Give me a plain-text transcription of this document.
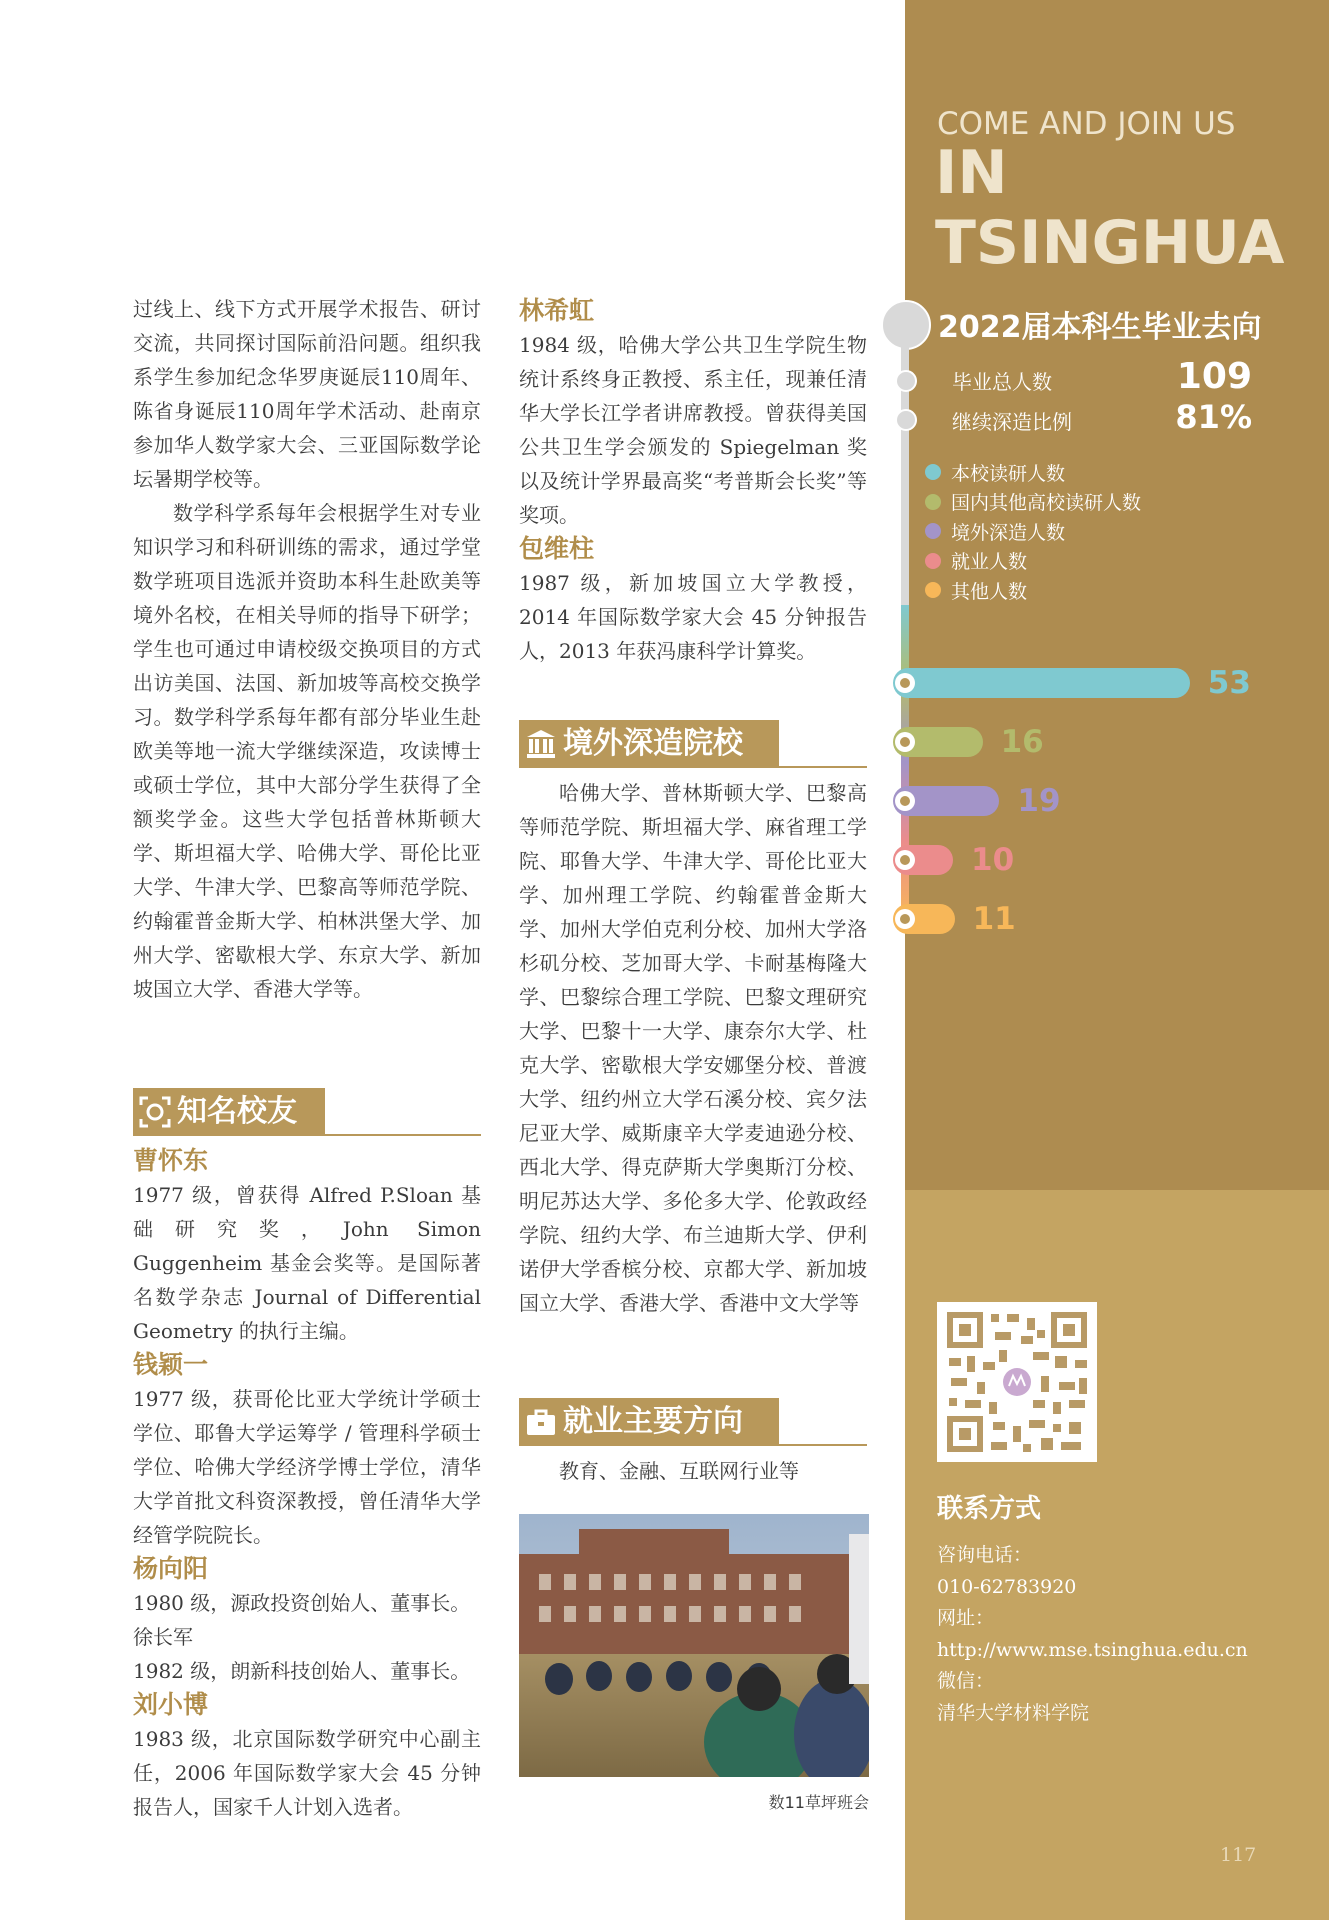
过线上、线下方式开展学术报告、研讨交流，共同探讨国际前沿问题。组织我系学生参加纪念华罗庚诞辰110周年、陈省身诞辰110周年学术活动、赴南京参加华人数学家大会、三亚国际数学论坛暑期学校等。

数学科学系每年会根据学生对专业知识学习和科研训练的需求，通过学堂数学班项目选派并资助本科生赴欧美等境外名校，在相关导师的指导下研学；学生也可通过申请校级交换项目的方式出访美国、法国、新加坡等高校交换学习。数学科学系每年都有部分毕业生赴欧美等地一流大学继续深造，攻读博士或硕士学位，其中大部分学生获得了全额奖学金。这些大学包括普林斯顿大学、斯坦福大学、哈佛大学、哥伦比亚大学、牛津大学、巴黎高等师范学院、约翰霍普金斯大学、柏林洪堡大学、加州大学、密歇根大学、东京大学、新加坡国立大学、香港大学等。

知名校友

曹怀东

1977 级，曾获得 Alfred P.Sloan 基础研究奖，John Simon Guggenheim 基金会奖等。是国际著名数学杂志 Journal of Differential Geometry 的执行主编。

钱颖一

1977 级，获哥伦比亚大学统计学硕士学位、耶鲁大学运筹学 / 管理科学硕士学位、哈佛大学经济学博士学位，清华大学首批文科资深教授，曾任清华大学经管学院院长。

杨向阳

1980 级，源政投资创始人、董事长。

徐长军

1982 级，朗新科技创始人、董事长。

刘小博

1983 级，北京国际数学研究中心副主任，2006 年国际数学家大会 45 分钟报告人，国家千人计划入选者。

林希虹

1984 级，哈佛大学公共卫生学院生物统计系终身正教授、系主任，现兼任清华大学长江学者讲席教授。曾获得美国公共卫生学会颁发的 Spiegelman 奖以及统计学界最高奖“考普斯会长奖”等奖项。

包维柱

1987 级，新加坡国立大学教授，2014 年国际数学家大会 45 分钟报告人，2013 年获冯康科学计算奖。

境外深造院校

哈佛大学、普林斯顿大学、巴黎高等师范学院、斯坦福大学、麻省理工学院、耶鲁大学、牛津大学、哥伦比亚大学、加州理工学院、约翰霍普金斯大学、加州大学伯克利分校、加州大学洛杉矶分校、芝加哥大学、卡耐基梅隆大学、巴黎综合理工学院、巴黎文理研究大学、巴黎十一大学、康奈尔大学、杜克大学、密歇根大学安娜堡分校、普渡大学、纽约州立大学石溪分校、宾夕法尼亚大学、威斯康辛大学麦迪逊分校、西北大学、得克萨斯大学奥斯汀分校、明尼苏达大学、多伦多大学、伦敦政经学院、纽约大学、布兰迪斯大学、伊利诺伊大学香槟分校、京都大学、新加坡国立大学、香港大学、香港中文大学等

就业主要方向

教育、金融、互联网行业等

数11草坪班会
COME AND JOIN US
IN TSINGHUA
2022届本科生毕业去向
毕业总人数	109
继续深造比例	81%
本校读研人数
国内其他高校读研人数
境外深造人数
就业人数
其他人数
53
16
19
10
11
联系方式
咨询电话：
010-62783920
网址：
http://www.mse.tsinghua.edu.cn
微信：
清华大学材料学院
117
